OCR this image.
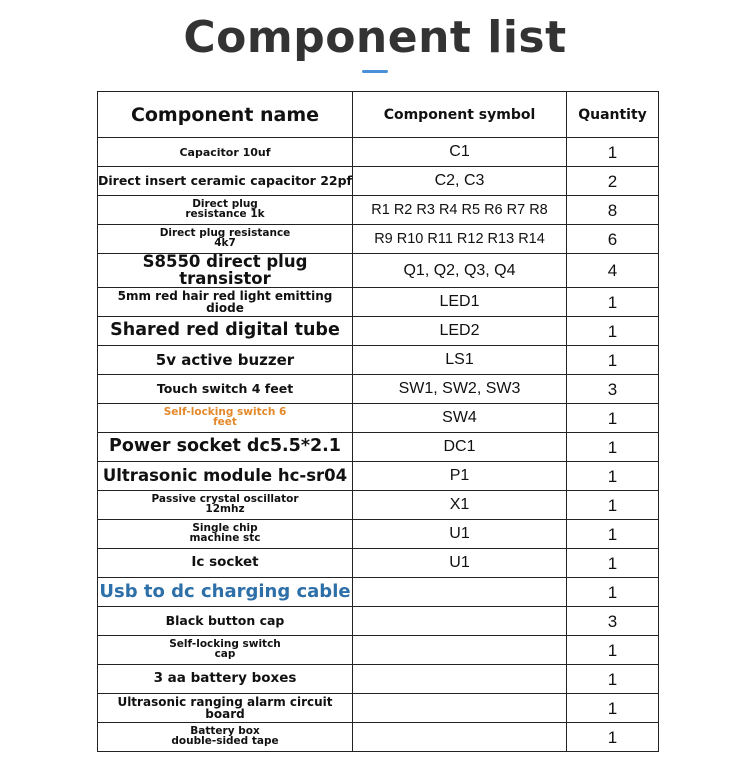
Component list
Component name	Component symbol	Quantity
Capacitor 10uf	C1	1
Direct insert ceramic capacitor 22pf	C2, C3	2
Direct plug
resistance 1k	R1 R2 R3 R4 R5 R6 R7 R8	8
Direct plug resistance
4k7	R9 R10 R11 R12 R13 R14	6
S8550 direct plug transistor	Q1, Q2, Q3, Q4	4
5mm red hair red light emitting diode	LED1	1
Shared red digital tube	LED2	1
5v active buzzer	LS1	1
Touch switch 4 feet	SW1, SW2, SW3	3
Self-locking switch 6
feet	SW4	1
Power socket dc5.5*2.1	DC1	1
Ultrasonic module hc-sr04	P1	1
Passive crystal oscillator
12mhz	X1	1
Single chip
machine stc	U1	1
Ic socket	U1	1
Usb to dc charging cable		1
Black button cap		3
Self-locking switch
cap		1
3 aa battery boxes		1
Ultrasonic ranging alarm circuit board		1
Battery box
double-sided tape		1
